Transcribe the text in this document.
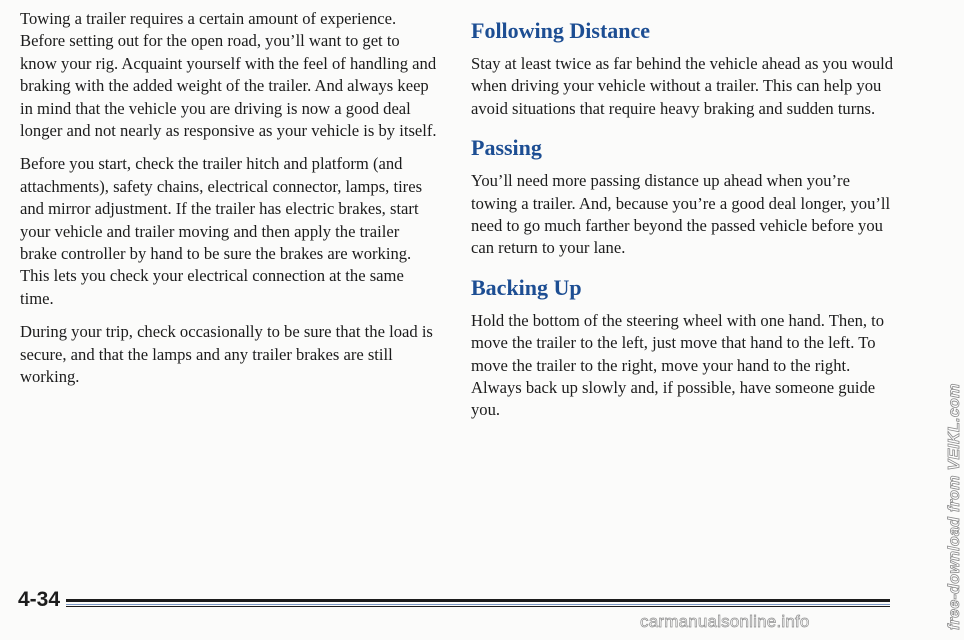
Towing a trailer requires a certain amount of experience. Before setting out for the open road, you’ll want to get to know your rig. Acquaint yourself with the feel of handling and braking with the added weight of the trailer. And always keep in mind that the vehicle you are driving is now a good deal longer and not nearly as responsive as your vehicle is by itself.

Before you start, check the trailer hitch and platform (and attachments), safety chains, electrical connector, lamps, tires and mirror adjustment. If the trailer has electric brakes, start your vehicle and trailer moving and then apply the trailer brake controller by hand to be sure the brakes are working. This lets you check your electrical connection at the same time.

During your trip, check occasionally to be sure that the load is secure, and that the lamps and any trailer brakes are still working.

Following Distance

Stay at least twice as far behind the vehicle ahead as you would when driving your vehicle without a trailer. This can help you avoid situations that require heavy braking and sudden turns.

Passing

You’ll need more passing distance up ahead when you’re towing a trailer. And, because you’re a good deal longer, you’ll need to go much farther beyond the passed vehicle before you can return to your lane.

Backing Up

Hold the bottom of the steering wheel with one hand. Then, to move the trailer to the left, just move that hand to the left. To move the trailer to the right, move your hand to the right. Always back up slowly and, if possible, have someone guide you.

4-34	free-download from VEIKL.com
carmanualsonline.info
